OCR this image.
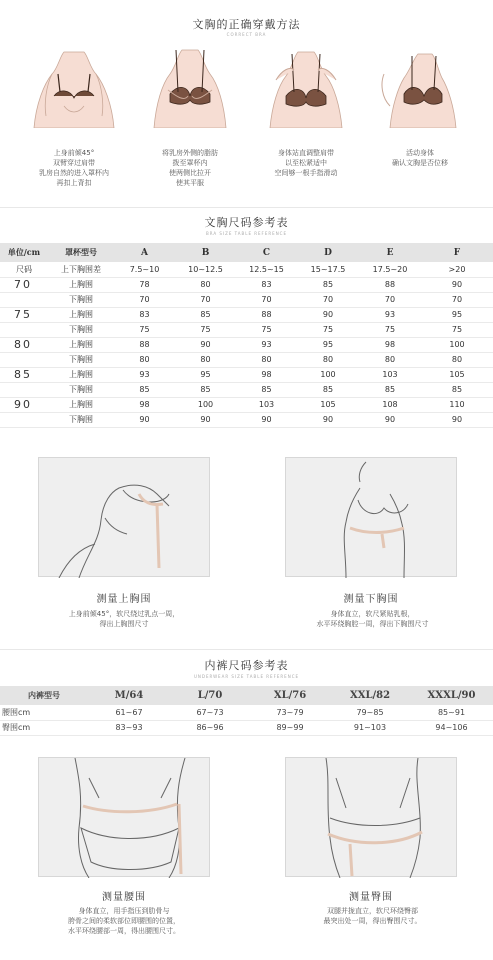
文胸的正确穿戴方法
CORRECT BRA
上身前倾45°
双臂穿过肩带
乳房自然的进入罩杯内
再扣上背扣
将乳房外侧的脂肪
拨至罩杯内
使两侧比拉开
使其平服
身体站直调整肩带
以至松紧适中
空间够一根手指滑动
活动身体
确认文胸是否位移
文胸尺码参考表
BRA SIZE TABLE REFERENCE
单位/cm	罩杯型号	A	B	C	D	E	F
尺码	上下胸围差	7.5~10	10~12.5	12.5~15	15~17.5	17.5~20	>20
70	上胸围	78	80	83	85	88	90
	下胸围	70	70	70	70	70	70
75	上胸围	83	85	88	90	93	95
	下胸围	75	75	75	75	75	75
80	上胸围	88	90	93	95	98	100
	下胸围	80	80	80	80	80	80
85	上胸围	93	95	98	100	103	105
	下胸围	85	85	85	85	85	85
90	上胸围	98	100	103	105	108	110
	下胸围	90	90	90	90	90	90
测量上胸围
上身前倾45°，软尺绕过乳点一周，
得出上胸围尺寸
测量下胸围
身体直立，软尺紧贴乳根，
水平环绕胸腔一周，得出下胸围尺寸
内裤尺码参考表
UNDERWEAR SIZE TABLE REFERENCE
内裤型号	M/64	L/70	XL/76	XXL/82	XXXL/90
腰围cm	61~67	67~73	73~79	79~85	85~91
臀围cm	83~93	86~96	89~99	91~103	94~106
测量腰围
身体直立，用手指压到肋骨与
胯骨之间的柔软部位即腰围的位置，
水平环绕腰部一周，得出腰围尺寸。
测量臀围
双腿并拢直立，软尺环绕臀部
最突出处一周，得出臀围尺寸。
